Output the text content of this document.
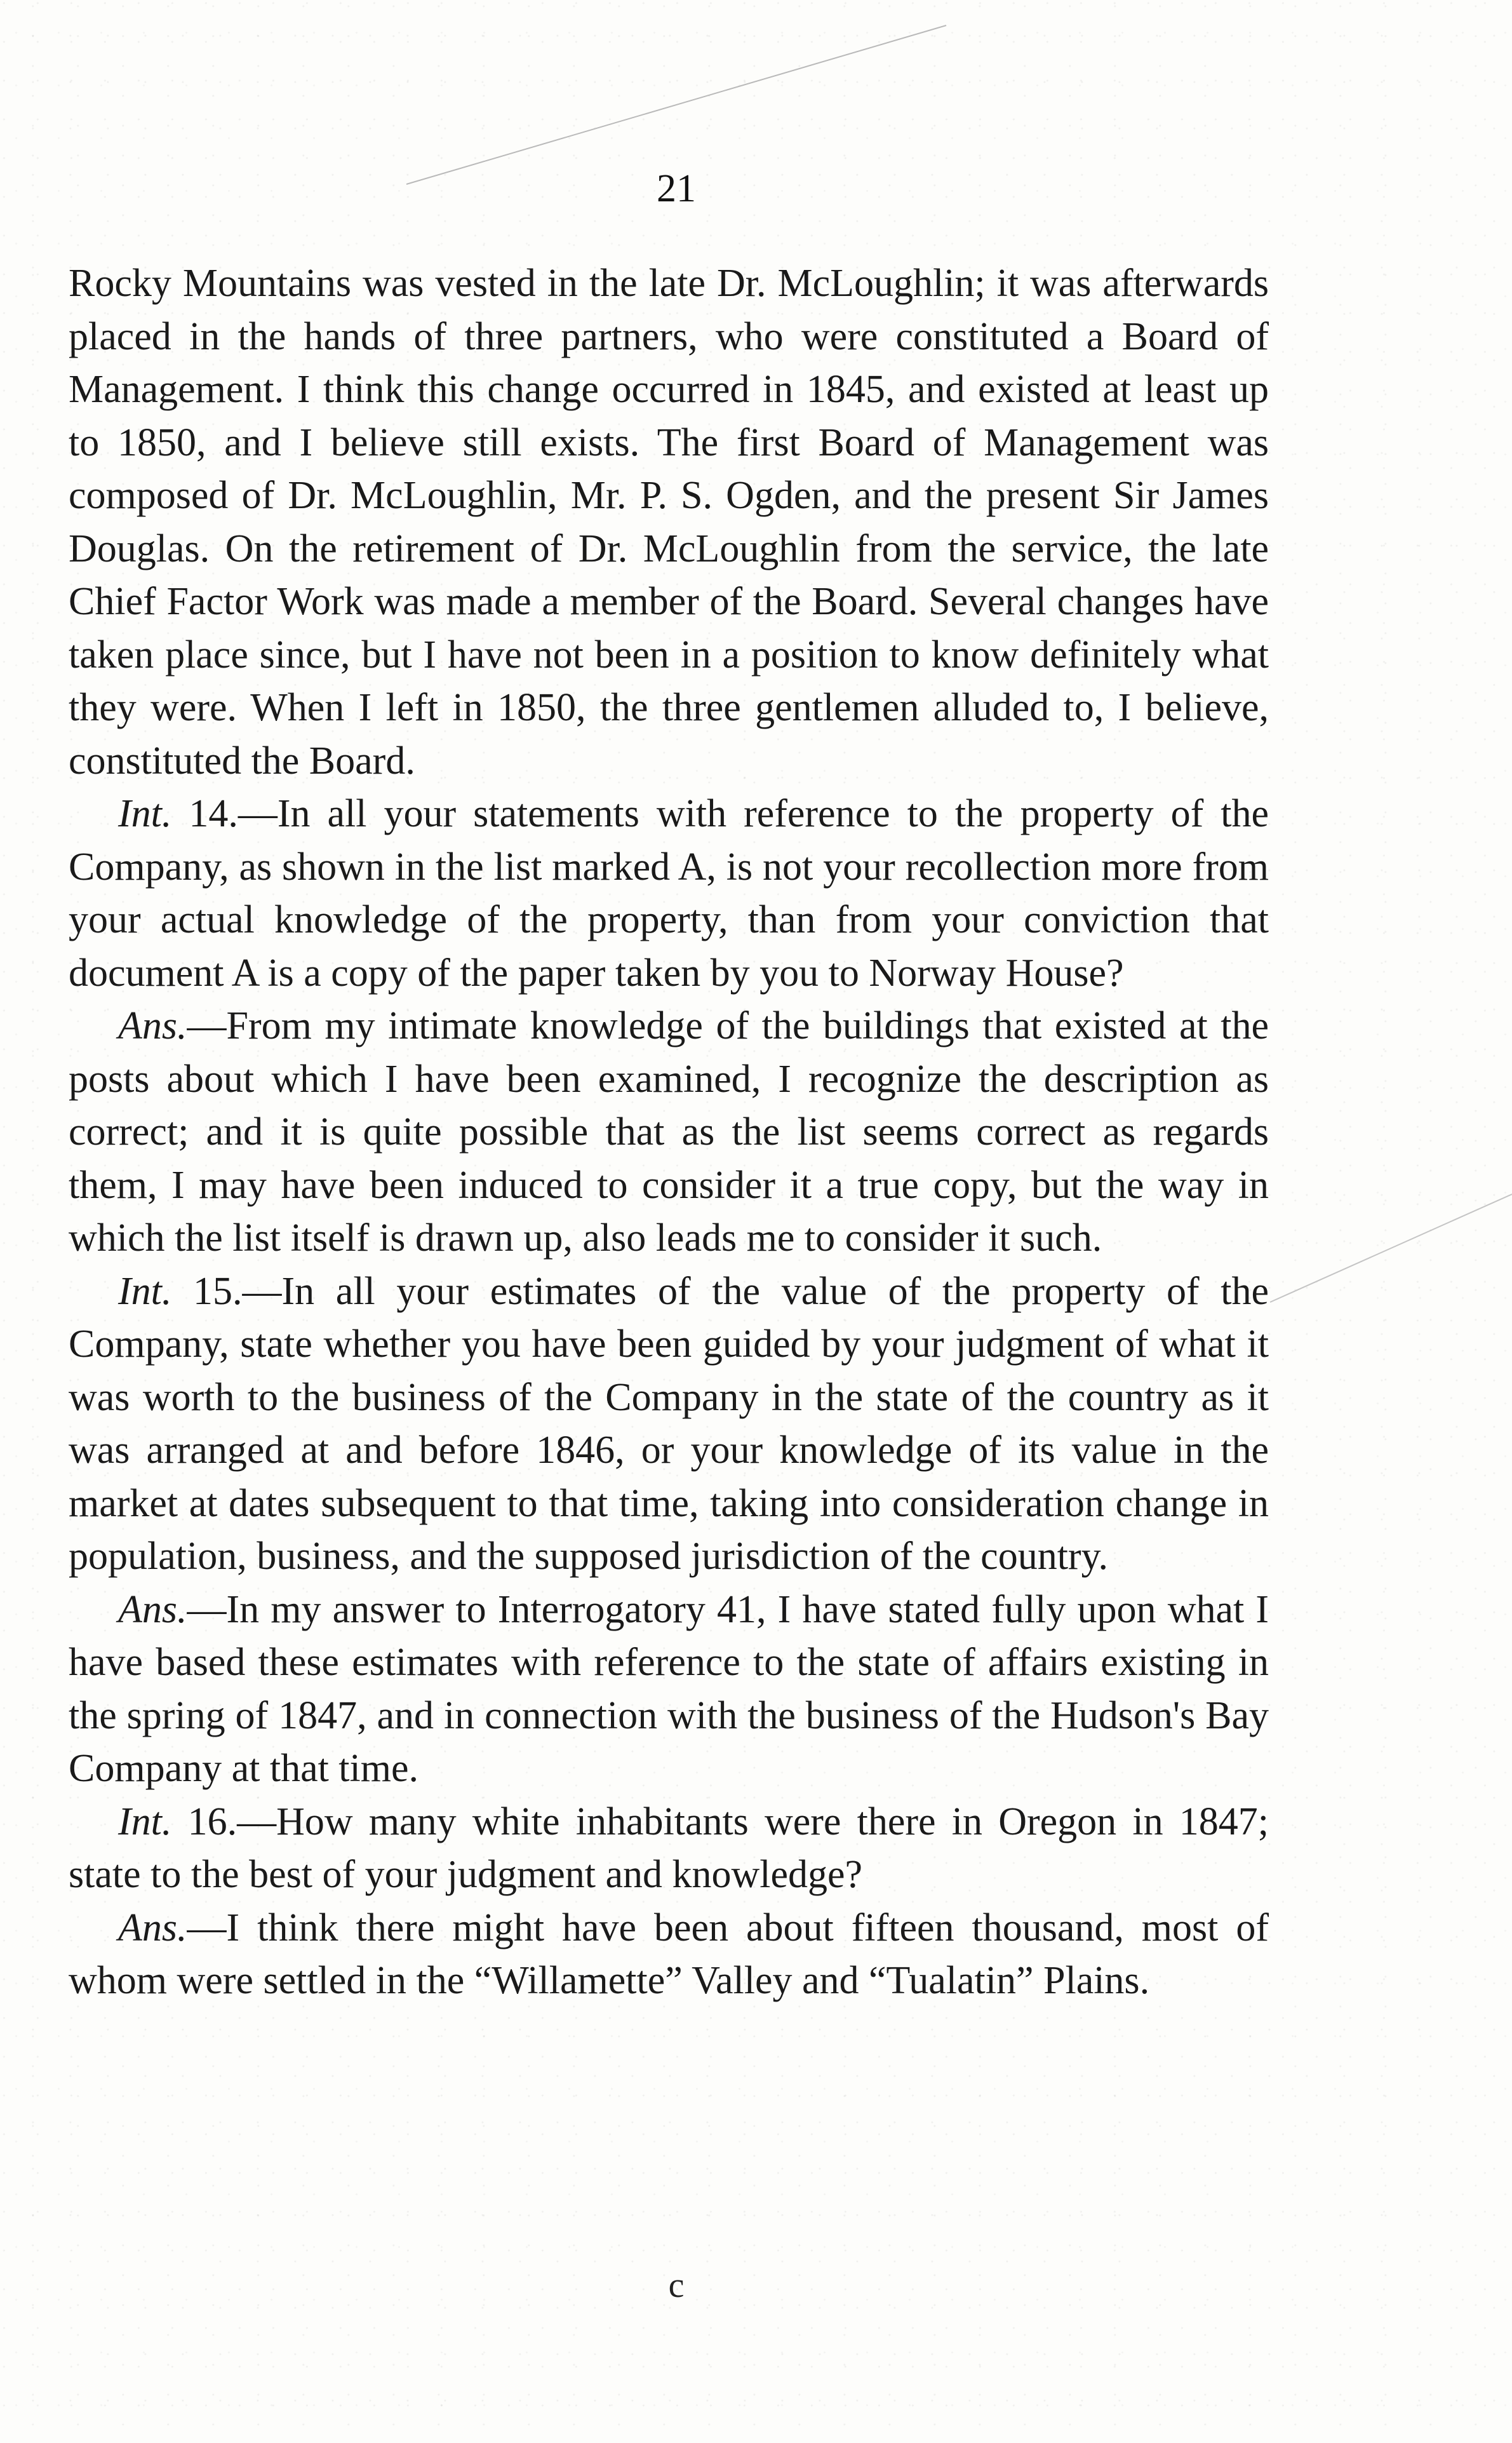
21

Rocky Mountains was vested in the late Dr. McLoughlin; it was afterwards placed in the hands of three partners, who were constituted a Board of Management. I think this change occurred in 1845, and existed at least up to 1850, and I believe still exists. The first Board of Management was composed of Dr. McLoughlin, Mr. P. S. Ogden, and the present Sir James Douglas. On the retirement of Dr. McLoughlin from the service, the late Chief Factor Work was made a member of the Board. Several changes have taken place since, but I have not been in a position to know definitely what they were. When I left in 1850, the three gentlemen alluded to, I believe, constituted the Board.

Int. 14.—In all your statements with reference to the property of the Company, as shown in the list marked A, is not your recollection more from your actual knowledge of the property, than from your conviction that document A is a copy of the paper taken by you to Norway House?

Ans.—From my intimate knowledge of the buildings that existed at the posts about which I have been examined, I recognize the description as correct; and it is quite possible that as the list seems correct as regards them, I may have been induced to consider it a true copy, but the way in which the list itself is drawn up, also leads me to consider it such.

Int. 15.—In all your estimates of the value of the property of the Company, state whether you have been guided by your judgment of what it was worth to the business of the Company in the state of the country as it was arranged at and before 1846, or your knowledge of its value in the market at dates subsequent to that time, taking into consideration change in population, business, and the supposed jurisdiction of the country.

Ans.—In my answer to Interrogatory 41, I have stated fully upon what I have based these estimates with reference to the state of affairs existing in the spring of 1847, and in connection with the business of the Hudson's Bay Company at that time.

Int. 16.—How many white inhabitants were there in Oregon in 1847; state to the best of your judgment and knowledge?

Ans.—I think there might have been about fifteen thousand, most of whom were settled in the “Willamette” Valley and “Tualatin” Plains.

c
